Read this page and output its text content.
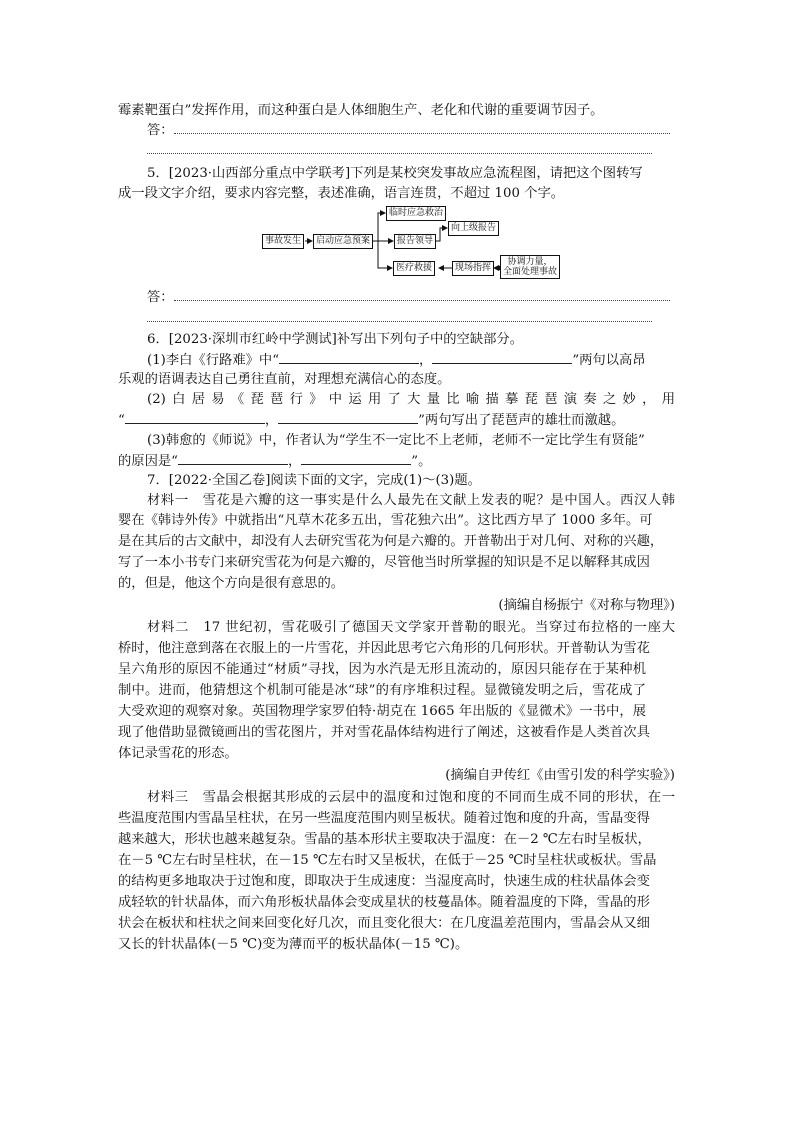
霉素靶蛋白”发挥作用，而这种蛋白是人体细胞生产、老化和代谢的重要调节因子。
答：
5．[2023·山西部分重点中学联考]下列是某校突发事故应急流程图，请把这个图转写
成一段文字介绍，要求内容完整，表述准确，语言连贯，不超过 100 个字。
事故发生	启动应急预案
临时应急救治
报告领导
向上级报告
医疗救援	现场指挥
协调力量，
全面处理事故
答：
6．[2023·深圳市红岭中学测试]补写出下列句子中的空缺部分。
(1)李白《行路难》中“	，	”两句以高昂
乐观的语调表达自己勇往直前，对理想充满信心的态度。
(2)白居易《琵琶行》中运用了大量比喻描摹琵琶演奏之妙，用
“	，	”两句写出了琵琶声的雄壮而激越。
(3)韩愈的《师说》中，作者认为“学生不一定比不上老师，老师不一定比学生有贤能”
的原因是“	，	”。
7．[2022·全国乙卷]阅读下面的文字，完成(1)～(3)题。
材料一　雪花是六瓣的这一事实是什么人最先在文献上发表的呢？是中国人。西汉人韩
婴在《韩诗外传》中就指出“凡草木花多五出，雪花独六出”。这比西方早了 1000 多年。可
是在其后的古文献中，却没有人去研究雪花为何是六瓣的。开普勒出于对几何、对称的兴趣，
写了一本小书专门来研究雪花为何是六瓣的，尽管他当时所掌握的知识是不足以解释其成因
的，但是，他这个方向是很有意思的。
(摘编自杨振宁《对称与物理》)
材料二　17 世纪初，雪花吸引了德国天文学家开普勒的眼光。当穿过布拉格的一座大
桥时，他注意到落在衣服上的一片雪花，并因此思考它六角形的几何形状。开普勒认为雪花
呈六角形的原因不能通过“材质”寻找，因为水汽是无形且流动的，原因只能存在于某种机
制中。进而，他猜想这个机制可能是冰“球”的有序堆积过程。显微镜发明之后，雪花成了
大受欢迎的观察对象。英国物理学家罗伯特·胡克在 1665 年出版的《显微术》一书中，展
现了他借助显微镜画出的雪花图片，并对雪花晶体结构进行了阐述，这被看作是人类首次具
体记录雪花的形态。
(摘编自尹传红《由雪引发的科学实验》)
材料三　雪晶会根据其形成的云层中的温度和过饱和度的不同而生成不同的形状，在一
些温度范围内雪晶呈柱状，在另一些温度范围内则呈板状。随着过饱和度的升高，雪晶变得
越来越大，形状也越来越复杂。雪晶的基本形状主要取决于温度：在－2 ℃左右时呈板状，
在－5 ℃左右时呈柱状，在－15 ℃左右时又呈板状，在低于－25 ℃时呈柱状或板状。雪晶
的结构更多地取决于过饱和度，即取决于生成速度：当湿度高时，快速生成的柱状晶体会变
成轻软的针状晶体，而六角形板状晶体会变成星状的枝蔓晶体。随着温度的下降，雪晶的形
状会在板状和柱状之间来回变化好几次，而且变化很大：在几度温差范围内，雪晶会从又细
又长的针状晶体(－5 ℃)变为薄而平的板状晶体(－15 ℃)。
